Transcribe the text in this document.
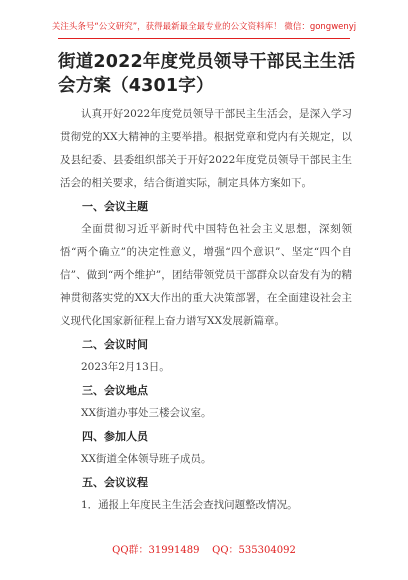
关注头条号“公文研究”，获得最新最全最专业的公文资料库！ 微信：gongwenyj
街道2022年度党员领导干部民主生活会方案（4301字）

认真开好2022年度党员领导干部民主生活会，是深入学习贯彻党的XX大精神的主要举措。根据党章和党内有关规定，以及县纪委、县委组织部关于开好2022年度党员领导干部民主生活会的相关要求，结合街道实际，制定具体方案如下。

一、会议主题

全面贯彻习近平新时代中国特色社会主义思想，深刻领悟“两个确立”的决定性意义，增强“四个意识”、坚定“四个自信”、做到“两个维护”，团结带领党员干部群众以奋发有为的精神贯彻落实党的XX大作出的重大决策部署，在全面建设社会主义现代化国家新征程上奋力谱写XX发展新篇章。

二、会议时间

2023年2月13日。

三、会议地点

XX街道办事处三楼会议室。

四、参加人员

XX街道全体领导班子成员。

五、会议议程

1．通报上年度民主生活会查找问题整改情况。

QQ群：31991489    QQ：535304092
